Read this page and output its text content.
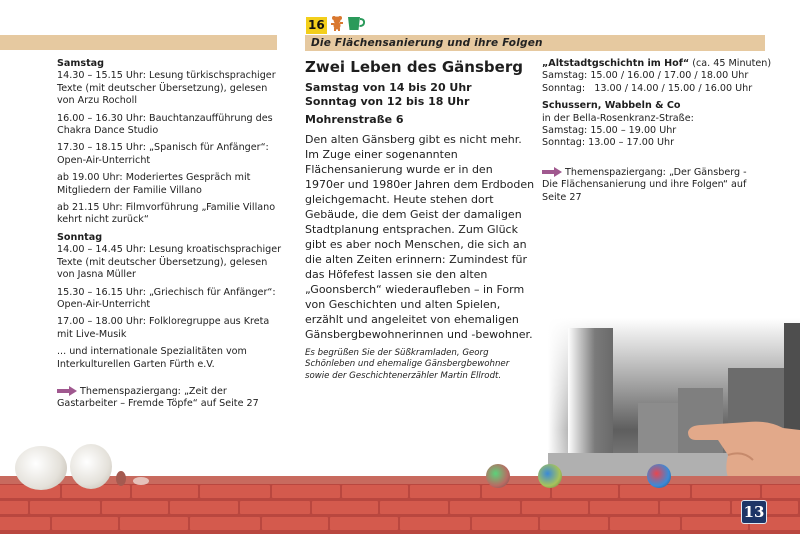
16
Die Flächensanierung und ihre Folgen
Samstag
14.30 – 15.15 Uhr: Lesung türkischsprachiger Texte (mit deutscher Übersetzung), gelesen von Arzu Rocholl
16.00 – 16.30 Uhr: Bauchtanzaufführung des Chakra Dance Studio
17.30 – 18.15 Uhr: „Spanisch für Anfänger“: Open-Air-Unterricht
ab 19.00 Uhr: Moderiertes Gespräch mit Mitgliedern der Familie Villano
ab 21.15 Uhr: Filmvorführung „Familie Villano kehrt nicht zurück“
Sonntag
14.00 – 14.45 Uhr: Lesung kroatischsprachiger Texte (mit deutscher Übersetzung), gelesen von Jasna Müller
15.30 – 16.15 Uhr: „Griechisch für Anfänger“: Open-Air-Unterricht
17.00 – 18.00 Uhr: Folkloregruppe aus Kreta mit Live-Musik
... und internationale Spezialitäten vom Interkulturellen Garten Fürth e.V.
Themenspaziergang: „Zeit der Gastarbeiter – Fremde Töpfe“ auf Seite 27
Zwei Leben des Gänsberg
Samstag von 14 bis 20 Uhr
Sonntag von 12 bis 18 Uhr
Mohrenstraße 6
Den alten Gänsberg gibt es nicht mehr. Im Zuge einer sogenannten Flächensanierung wurde er in den 1970er und 1980er Jahren dem Erdboden gleichgemacht. Heute stehen dort Gebäude, die dem Geist der damaligen Stadtplanung entsprachen. Zum Glück gibt es aber noch Menschen, die sich an die alten Zeiten erinnern: Zumindest für das Höfefest lassen sie den alten „Goonsberch“ wiederaufleben – in Form von Geschichten und alten Spielen, erzählt und angeleitet von ehemaligen Gänsbergbewohnerinnen und -bewohner.
Es begrüßen Sie der Süßkramladen, Georg Schönleben und ehemalige Gänsbergbewohner sowie der Geschichtenerzähler Martin Ellrodt.
„Altstadtgschichtn im Hof“ (ca. 45 Minuten)
Samstag: 15.00 / 16.00 / 17.00 / 18.00 Uhr
Sonntag:   13.00 / 14.00 / 15.00 / 16.00 Uhr
Schussern, Wabbeln & Co
in der Bella-Rosenkranz-Straße:
Samstag: 15.00 – 19.00 Uhr
Sonntag: 13.00 – 17.00 Uhr
Themenspaziergang: „Der Gänsberg - Die Flächensanierung und ihre Folgen“ auf Seite 27
13
